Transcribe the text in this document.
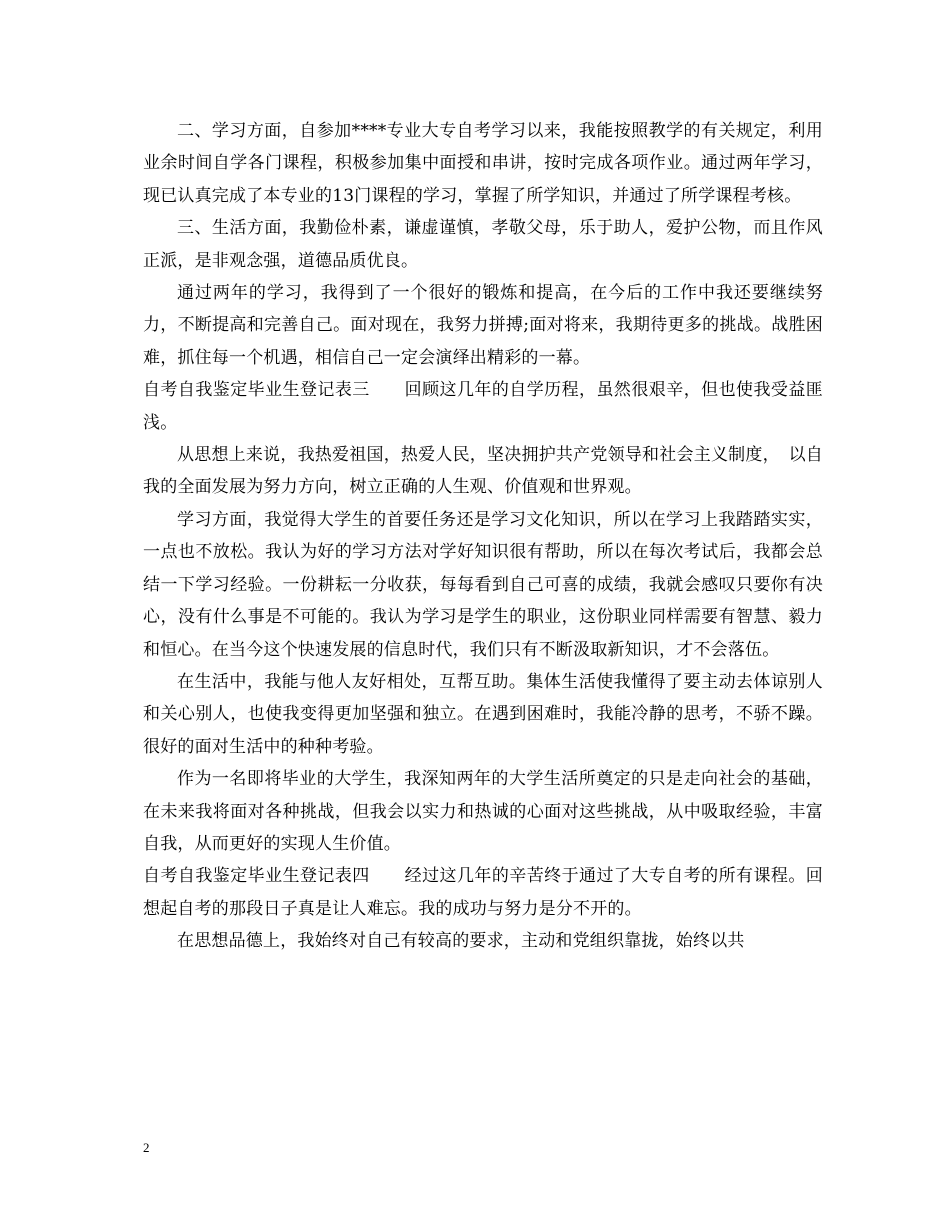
二、学习方面，自参加****专业大专自考学习以来，我能按照教学的有关规定，利用业余时间自学各门课程，积极参加集中面授和串讲，按时完成各项作业。通过两年学习，现已认真完成了本专业的13门课程的学习，掌握了所学知识，并通过了所学课程考核。

三、生活方面，我勤俭朴素，谦虚谨慎，孝敬父母，乐于助人，爱护公物，而且作风正派，是非观念强，道德品质优良。

通过两年的学习，我得到了一个很好的锻炼和提高，在今后的工作中我还要继续努力，不断提高和完善自己。面对现在，我努力拼搏;面对将来，我期待更多的挑战。战胜困难，抓住每一个机遇，相信自己一定会演绎出精彩的一幕。

自考自我鉴定毕业生登记表三　　回顾这几年的自学历程，虽然很艰辛，但也使我受益匪浅。

从思想上来说，我热爱祖国，热爱人民，坚决拥护共产党领导和社会主义制度，　以自我的全面发展为努力方向，树立正确的人生观、价值观和世界观。

学习方面，我觉得大学生的首要任务还是学习文化知识，所以在学习上我踏踏实实，一点也不放松。我认为好的学习方法对学好知识很有帮助，所以在每次考试后，我都会总结一下学习经验。一份耕耘一分收获，每每看到自己可喜的成绩，我就会感叹只要你有决心，没有什么事是不可能的。我认为学习是学生的职业，这份职业同样需要有智慧、毅力和恒心。在当今这个快速发展的信息时代，我们只有不断汲取新知识，才不会落伍。

在生活中，我能与他人友好相处，互帮互助。集体生活使我懂得了要主动去体谅别人和关心别人，也使我变得更加坚强和独立。在遇到困难时，我能冷静的思考，不骄不躁。很好的面对生活中的种种考验。

作为一名即将毕业的大学生，我深知两年的大学生活所奠定的只是走向社会的基础，在未来我将面对各种挑战，但我会以实力和热诚的心面对这些挑战，从中吸取经验，丰富自我，从而更好的实现人生价值。

自考自我鉴定毕业生登记表四　　经过这几年的辛苦终于通过了大专自考的所有课程。回想起自考的那段日子真是让人难忘。我的成功与努力是分不开的。

在思想品德上，我始终对自己有较高的要求，主动和党组织靠拢，始终以共

2
